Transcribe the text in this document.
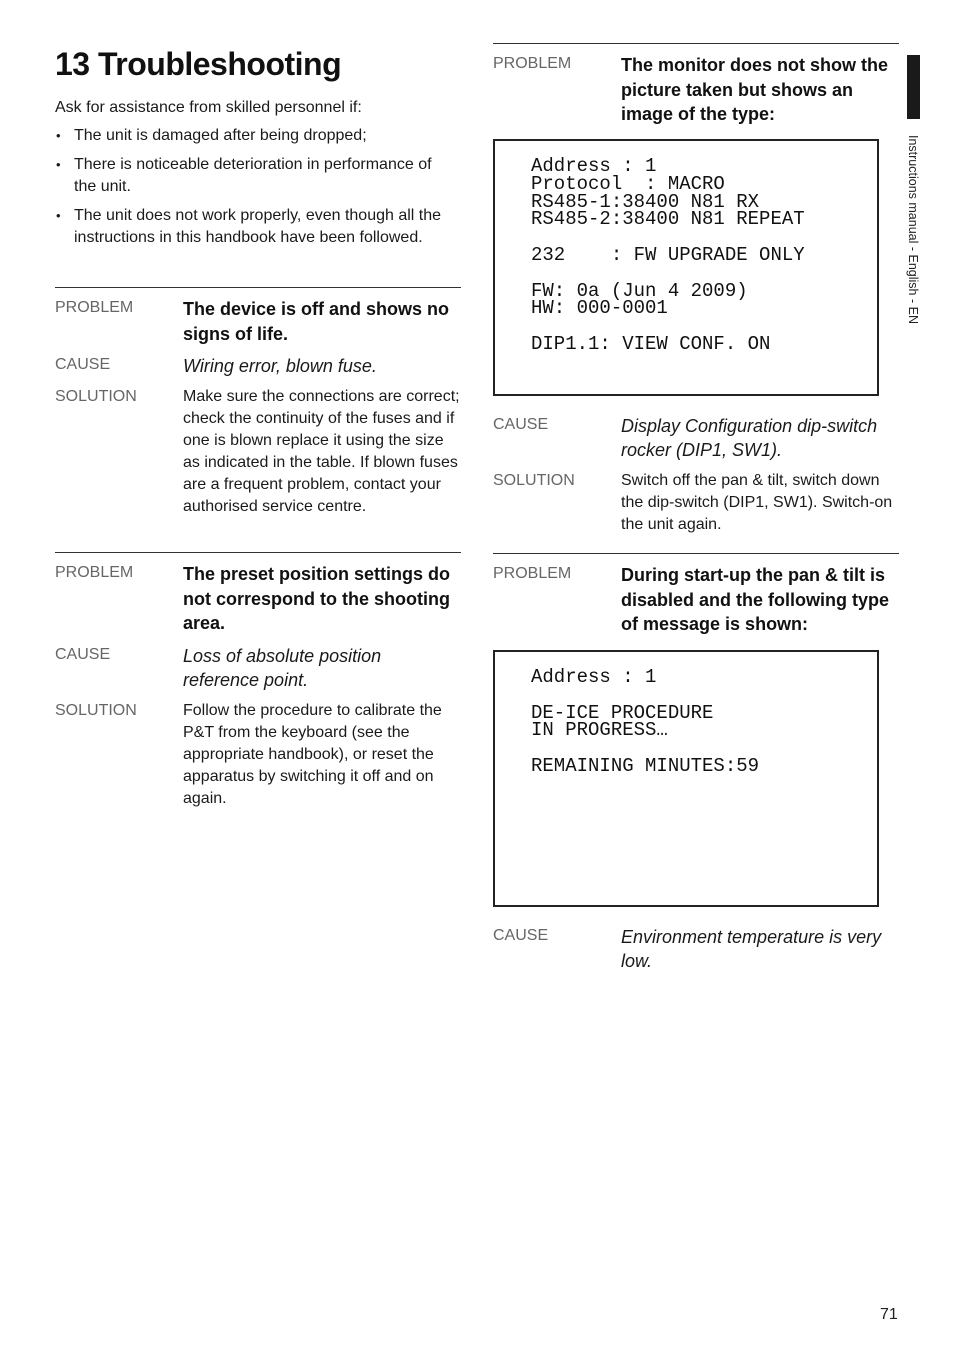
13 Troubleshooting

Ask for assistance from skilled personnel if:

• The unit is damaged after being dropped;
• There is noticeable deterioration in performance of the unit.
• The unit does not work properly, even though all the instructions in this handbook have been followed.
PROBLEM	The device is off and shows no signs of life.
CAUSE	Wiring error, blown fuse.
SOLUTION	Make sure the connections are correct; check the continuity of the fuses and if one is blown replace it using the size as indicated in the table. If blown fuses are a frequent problem, contact your authorised service centre.
PROBLEM	The preset position settings do not correspond to the shooting area.
CAUSE	Loss of absolute position reference point.
SOLUTION	Follow the procedure to calibrate the P&T from the keyboard (see the appropriate handbook), or reset the apparatus by switching it off and on again.
PROBLEM	The monitor does not show the picture taken but shows an image of the type:
Address : 1
Protocol  : MACRO
RS485-1:38400 N81 RX
RS485-2:38400 N81 REPEAT

232    : FW UPGRADE ONLY

FW: 0a (Jun 4 2009)
HW: 000-0001

DIP1.1: VIEW CONF. ON
CAUSE	Display Configuration dip-switch rocker (DIP1, SW1).
SOLUTION	Switch off the pan & tilt, switch down the dip-switch (DIP1, SW1). Switch-on the unit again.
PROBLEM	During start-up the pan & tilt is disabled and the following type of message is shown:
Address : 1

DE-ICE PROCEDURE
IN PROGRESS…

REMAINING MINUTES:59
CAUSE	Environment temperature is very low.
Instructions manual - English - EN
71
